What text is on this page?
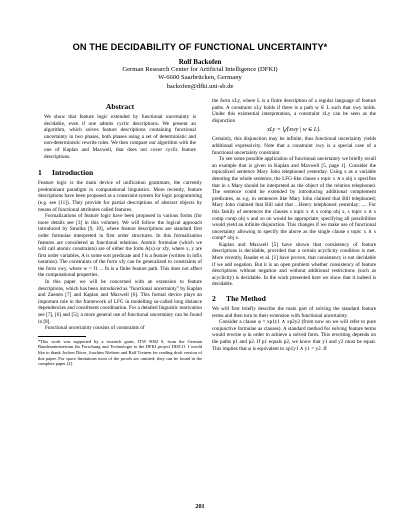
ON THE DECIDABILITY OF FUNCTIONAL UNCERTAINTY*
Rolf Backofen
German Research Center for Artificial Intelligence (DFKI)
W-6600 Saarbrücken, Germany
backofen@dfki.uni-sb.de
Abstract

We show that feature logic extended by functional uncertainty is decidable, even if one admits cyclic descriptions. We present an algorithm, which solves feature descriptions containing functional uncertainty in two phases, both phases using a set of deterministic and non-deterministic rewrite rules. We then compare our algorithm with the one of Kaplan and Maxwell, that does not cover cyclic feature descriptions.

1 Introduction

Feature logic is the main device of unification grammars, the currently predominant paradigm in computational linguistics. More recently, feature descriptions have been proposed as a constraint system for logic programming (e.g. see [11]). They provide for partial descriptions of abstract objects by means of functional attributes called features.

Formalizations of feature logic have been proposed in various forms (for more details see [3] in this volume). We will follow the logical approach introduced by Smolka [9, 10], where feature descriptions are standard first order formulae interpreted in first order structures. In this formalization features are considered as functional relations. Atomic formulae (which we will call atomic constraints) are of either the form A(x) or xfy, where x, y are first order variables, A is some sort predicate and f is a feature (written in infix notation). The constraints of the form xfy can be generalized to constraints of the form xwy, where w = f1 ... fn is a finite feature path. This does not affect the computational properties.

In this paper we will be concerned with an extension to feature descriptions, which has been introduced as "functional uncertainty" by Kaplan and Zaenen [7] and Kaplan and Maxwell [6]. This formal device plays an important role in the framework of LFG in modelling so-called long distance dependencies and constituent coordination. For a detailed linguistic motivation see [7], [6] and [5]; a more general use of functional uncertainty can be found in [8].

Functional uncertainty consists of constraints of

*This work was supported by a research grant, ITW 9002 0, from the German Bundesministerium für Forschung und Technologie to the DFKI project DISCO. I would like to thank Jochen Dörre, Joachim Niehren and Ralf Treinen for reading draft version of this paper. For space limitations most of the proofs are omitted; they can be found in the complete paper [2].

the form xLy, where L is a finite description of a regular language of feature paths. A constraint xLy holds if there is a path w ∈ L such that xwy holds. Under this existential interpretation, a constraint xLy can be seen as the disjunction

xLy = ⋁{xwy | w ∈ L}.

Certainly, this disjunction may be infinite, thus functional uncertainty yields additional expressivity. Note that a constraint xwy is a special case of a functional uncertainty constraint.

To see some possible application of functional uncertainty we briefly recall an example that is given in Kaplan and Maxwell [5, page 1]. Consider the topicalized sentence Mary John telephoned yesterday. Using s as a variable denoting the whole sentence, the LFG-like clause s topic x ∧ s obj x specifies that in s Mary should be interpreted as the object of the relation telephoned. The sentence could be extended by introducing additional complement predicates, as e.g. in sentences like Mary John claimed that Bill telephoned; Mary John claimed that Bill said that ...Henry telephoned yesterday; .... For this family of sentences the clauses s topic x ∧ s comp obj x, s topic x ∧ s comp comp obj x and so on would be appropriate; specifying all possibilities would yield an infinite disjunction. This changes if we make use of functional uncertainty allowing to specify the above as the single clause s topic x ∧ s comp* obj x.

Kaplan and Maxwell [5] have shown that consistency of feature descriptions is decidable, provided that a certain acyclicity condition is met. More recently, Baader et al. [1] have proven, that consistency is not decidable if we add negation. But it is an open problem whether consistency of feature descriptions without negation and without additional restrictions (such as acyclicity) is decidable. In the work presented here we show that it indeed is decidable.

2 The Method

We will first briefly describe the main part of solving the standard feature terms and then turn to their extension with functional uncertainty.

Consider a clause φ = xp1y1 ∧ xp2y2 (from now on we will refer to pure conjunctive formulae as clauses). A standard method for solving feature terms would rewrite φ in order to achieve a solved form. This rewriting depends on the paths p1 and p2. If p1 equals p2, we know that y1 and y2 must be equal. This implies that φ is equivalent to xp1y1 ∧ y1 = y2. If

201
